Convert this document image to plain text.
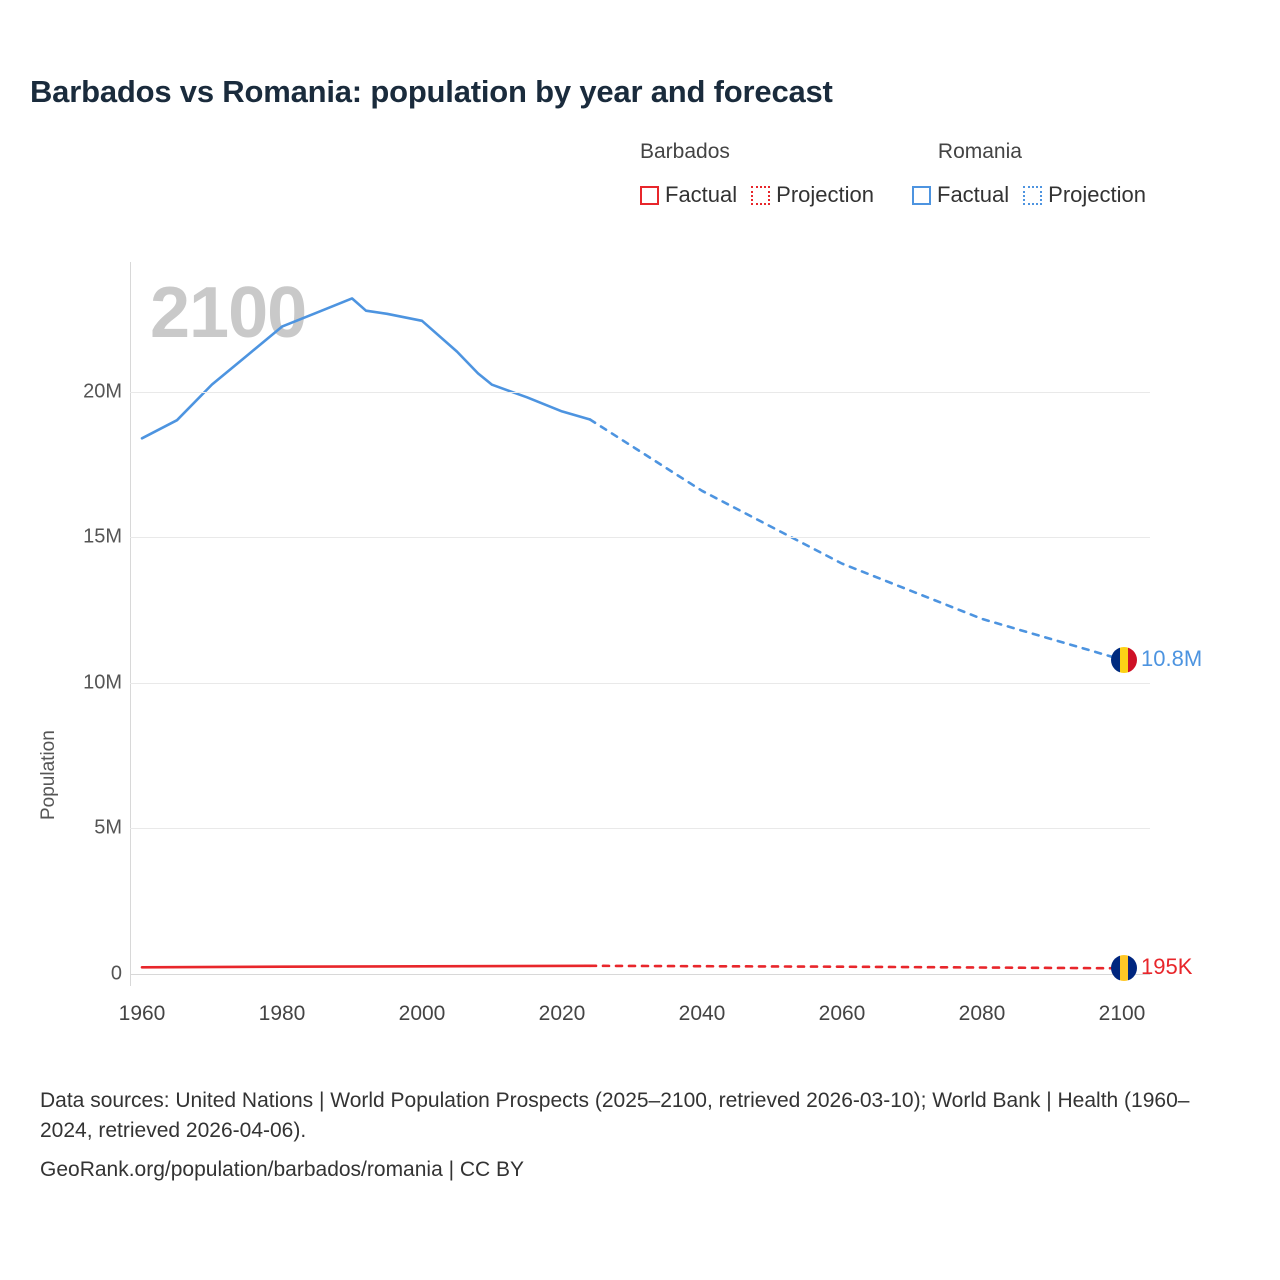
Barbados vs Romania: population by year and forecast
Barbados	Romania
Factual Projection	Factual Projection
Population
2100
0
5M
10M
15M
20M
1960	1980	2000	2020	2040	2060	2080	2100
10.8M
195K
Data sources: United Nations | World Population Prospects (2025–2100, retrieved 2026-03-10); World Bank | Health (1960–2024, retrieved 2026-04-06).
GeoRank.org/population/barbados/romania | CC BY
